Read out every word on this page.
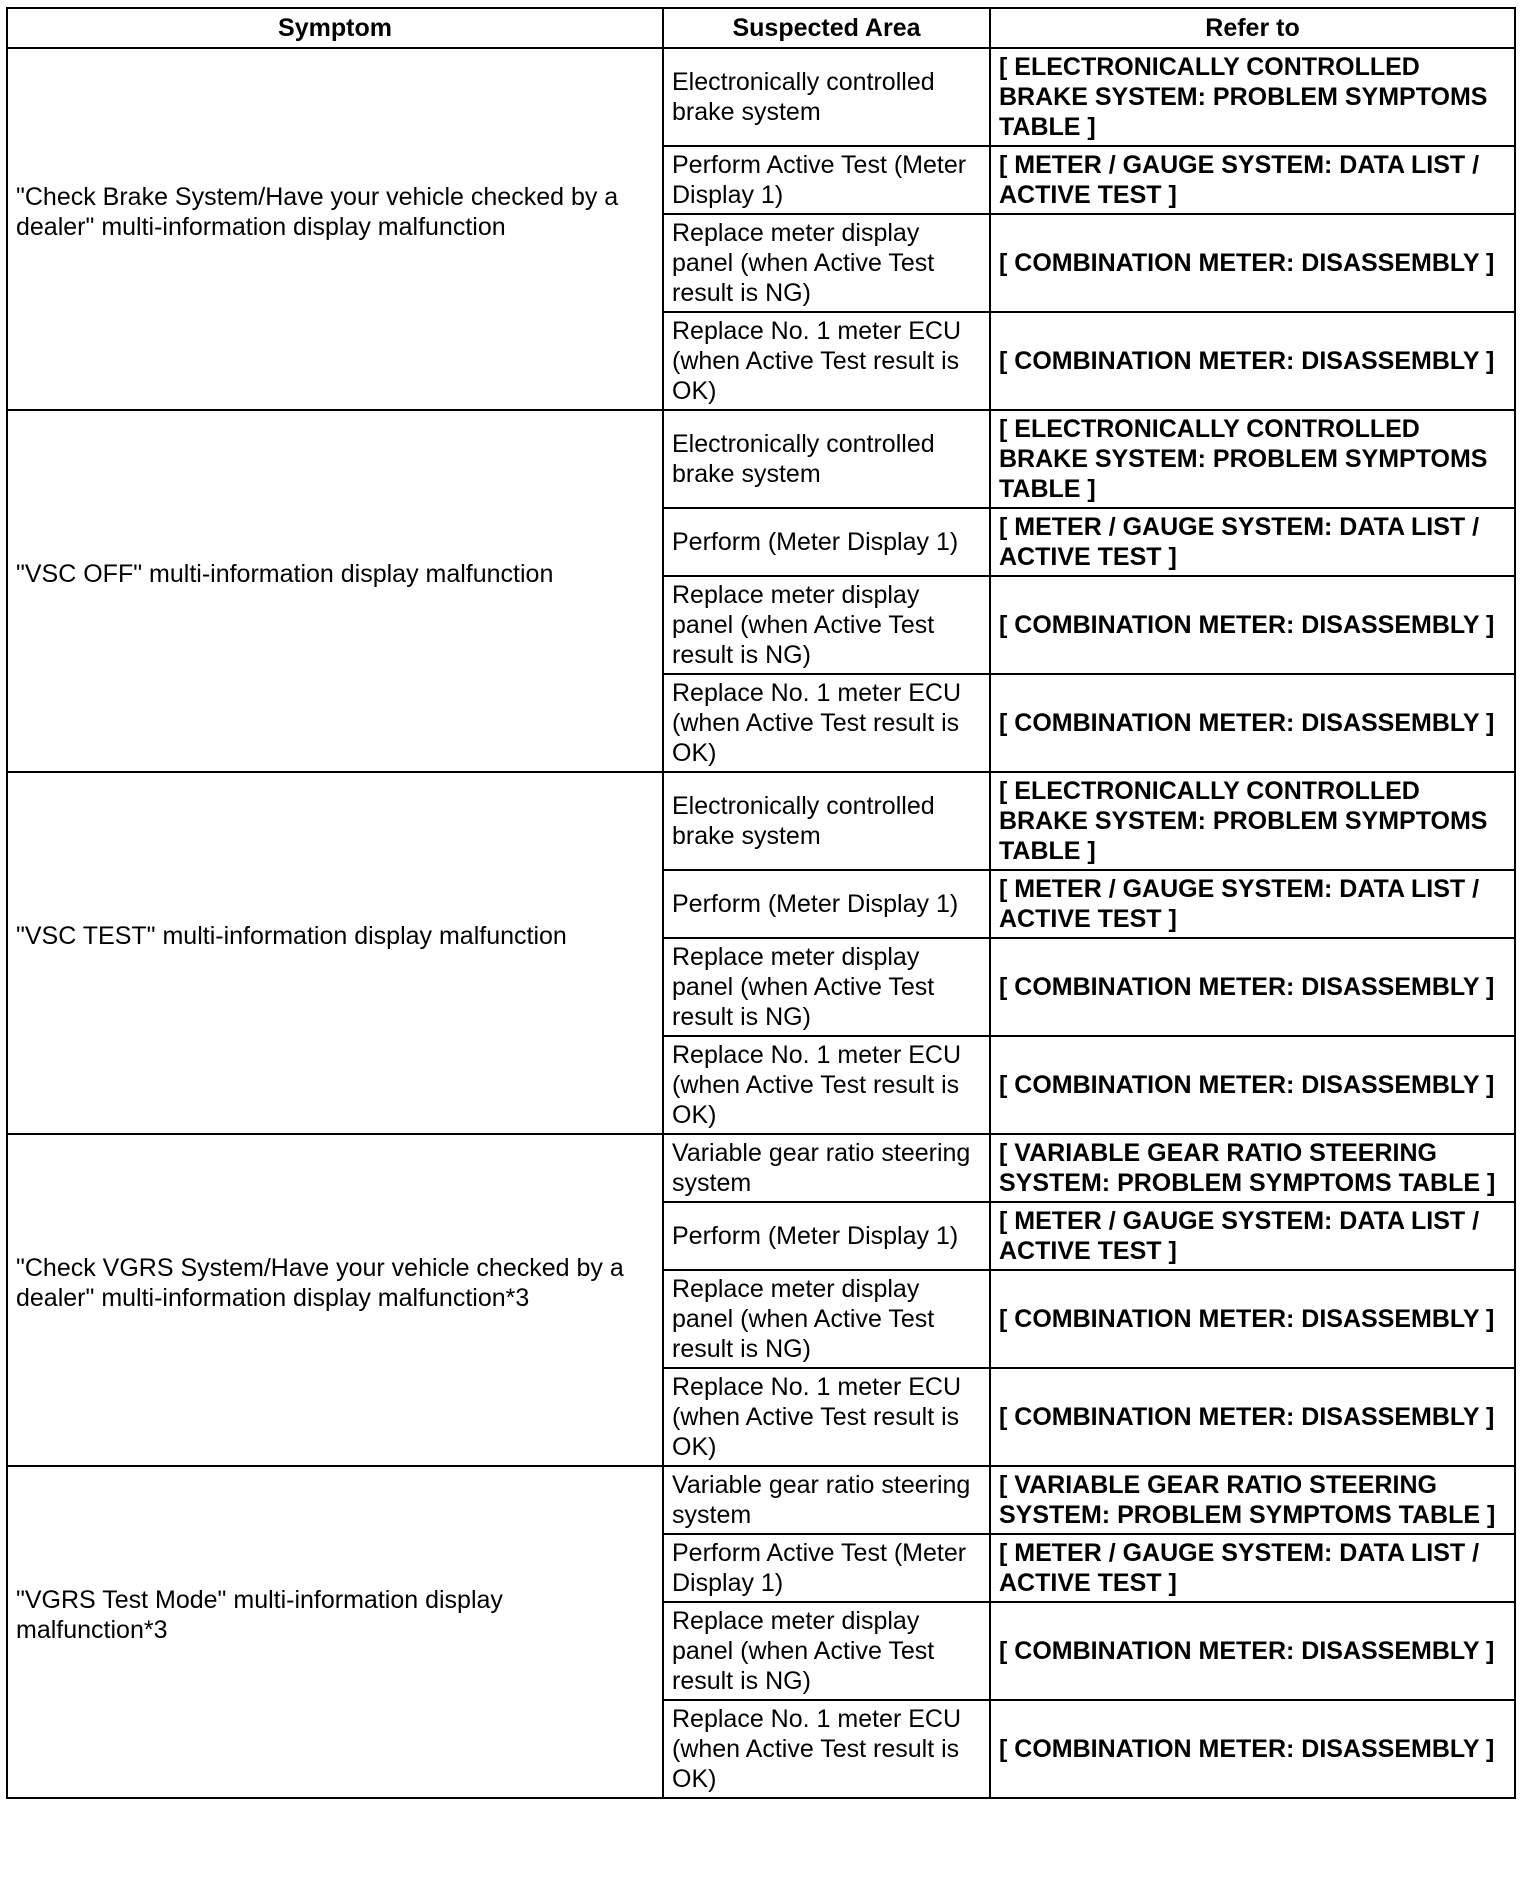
Symptom	Suspected Area	Refer to
"Check Brake System/Have your vehicle checked by a dealer" multi-information display malfunction	Electronically controlled brake system	[ ELECTRONICALLY CONTROLLED BRAKE SYSTEM: PROBLEM SYMPTOMS TABLE ]
	Perform Active Test (Meter Display 1)	[ METER / GAUGE SYSTEM: DATA LIST / ACTIVE TEST ]
	Replace meter display panel (when Active Test result is NG)	[ COMBINATION METER: DISASSEMBLY ]
	Replace No. 1 meter ECU (when Active Test result is OK)	[ COMBINATION METER: DISASSEMBLY ]
"VSC OFF" multi-information display malfunction	Electronically controlled brake system	[ ELECTRONICALLY CONTROLLED BRAKE SYSTEM: PROBLEM SYMPTOMS TABLE ]
	Perform (Meter Display 1)	[ METER / GAUGE SYSTEM: DATA LIST / ACTIVE TEST ]
	Replace meter display panel (when Active Test result is NG)	[ COMBINATION METER: DISASSEMBLY ]
	Replace No. 1 meter ECU (when Active Test result is OK)	[ COMBINATION METER: DISASSEMBLY ]
"VSC TEST" multi-information display malfunction	Electronically controlled brake system	[ ELECTRONICALLY CONTROLLED BRAKE SYSTEM: PROBLEM SYMPTOMS TABLE ]
	Perform (Meter Display 1)	[ METER / GAUGE SYSTEM: DATA LIST / ACTIVE TEST ]
	Replace meter display panel (when Active Test result is NG)	[ COMBINATION METER: DISASSEMBLY ]
	Replace No. 1 meter ECU (when Active Test result is OK)	[ COMBINATION METER: DISASSEMBLY ]
"Check VGRS System/Have your vehicle checked by a dealer" multi-information display malfunction*3	Variable gear ratio steering system	[ VARIABLE GEAR RATIO STEERING SYSTEM: PROBLEM SYMPTOMS TABLE ]
	Perform (Meter Display 1)	[ METER / GAUGE SYSTEM: DATA LIST / ACTIVE TEST ]
	Replace meter display panel (when Active Test result is NG)	[ COMBINATION METER: DISASSEMBLY ]
	Replace No. 1 meter ECU (when Active Test result is OK)	[ COMBINATION METER: DISASSEMBLY ]
"VGRS Test Mode" multi-information display malfunction*3	Variable gear ratio steering system	[ VARIABLE GEAR RATIO STEERING SYSTEM: PROBLEM SYMPTOMS TABLE ]
	Perform Active Test (Meter Display 1)	[ METER / GAUGE SYSTEM: DATA LIST / ACTIVE TEST ]
	Replace meter display panel (when Active Test result is NG)	[ COMBINATION METER: DISASSEMBLY ]
	Replace No. 1 meter ECU (when Active Test result is OK)	[ COMBINATION METER: DISASSEMBLY ]
